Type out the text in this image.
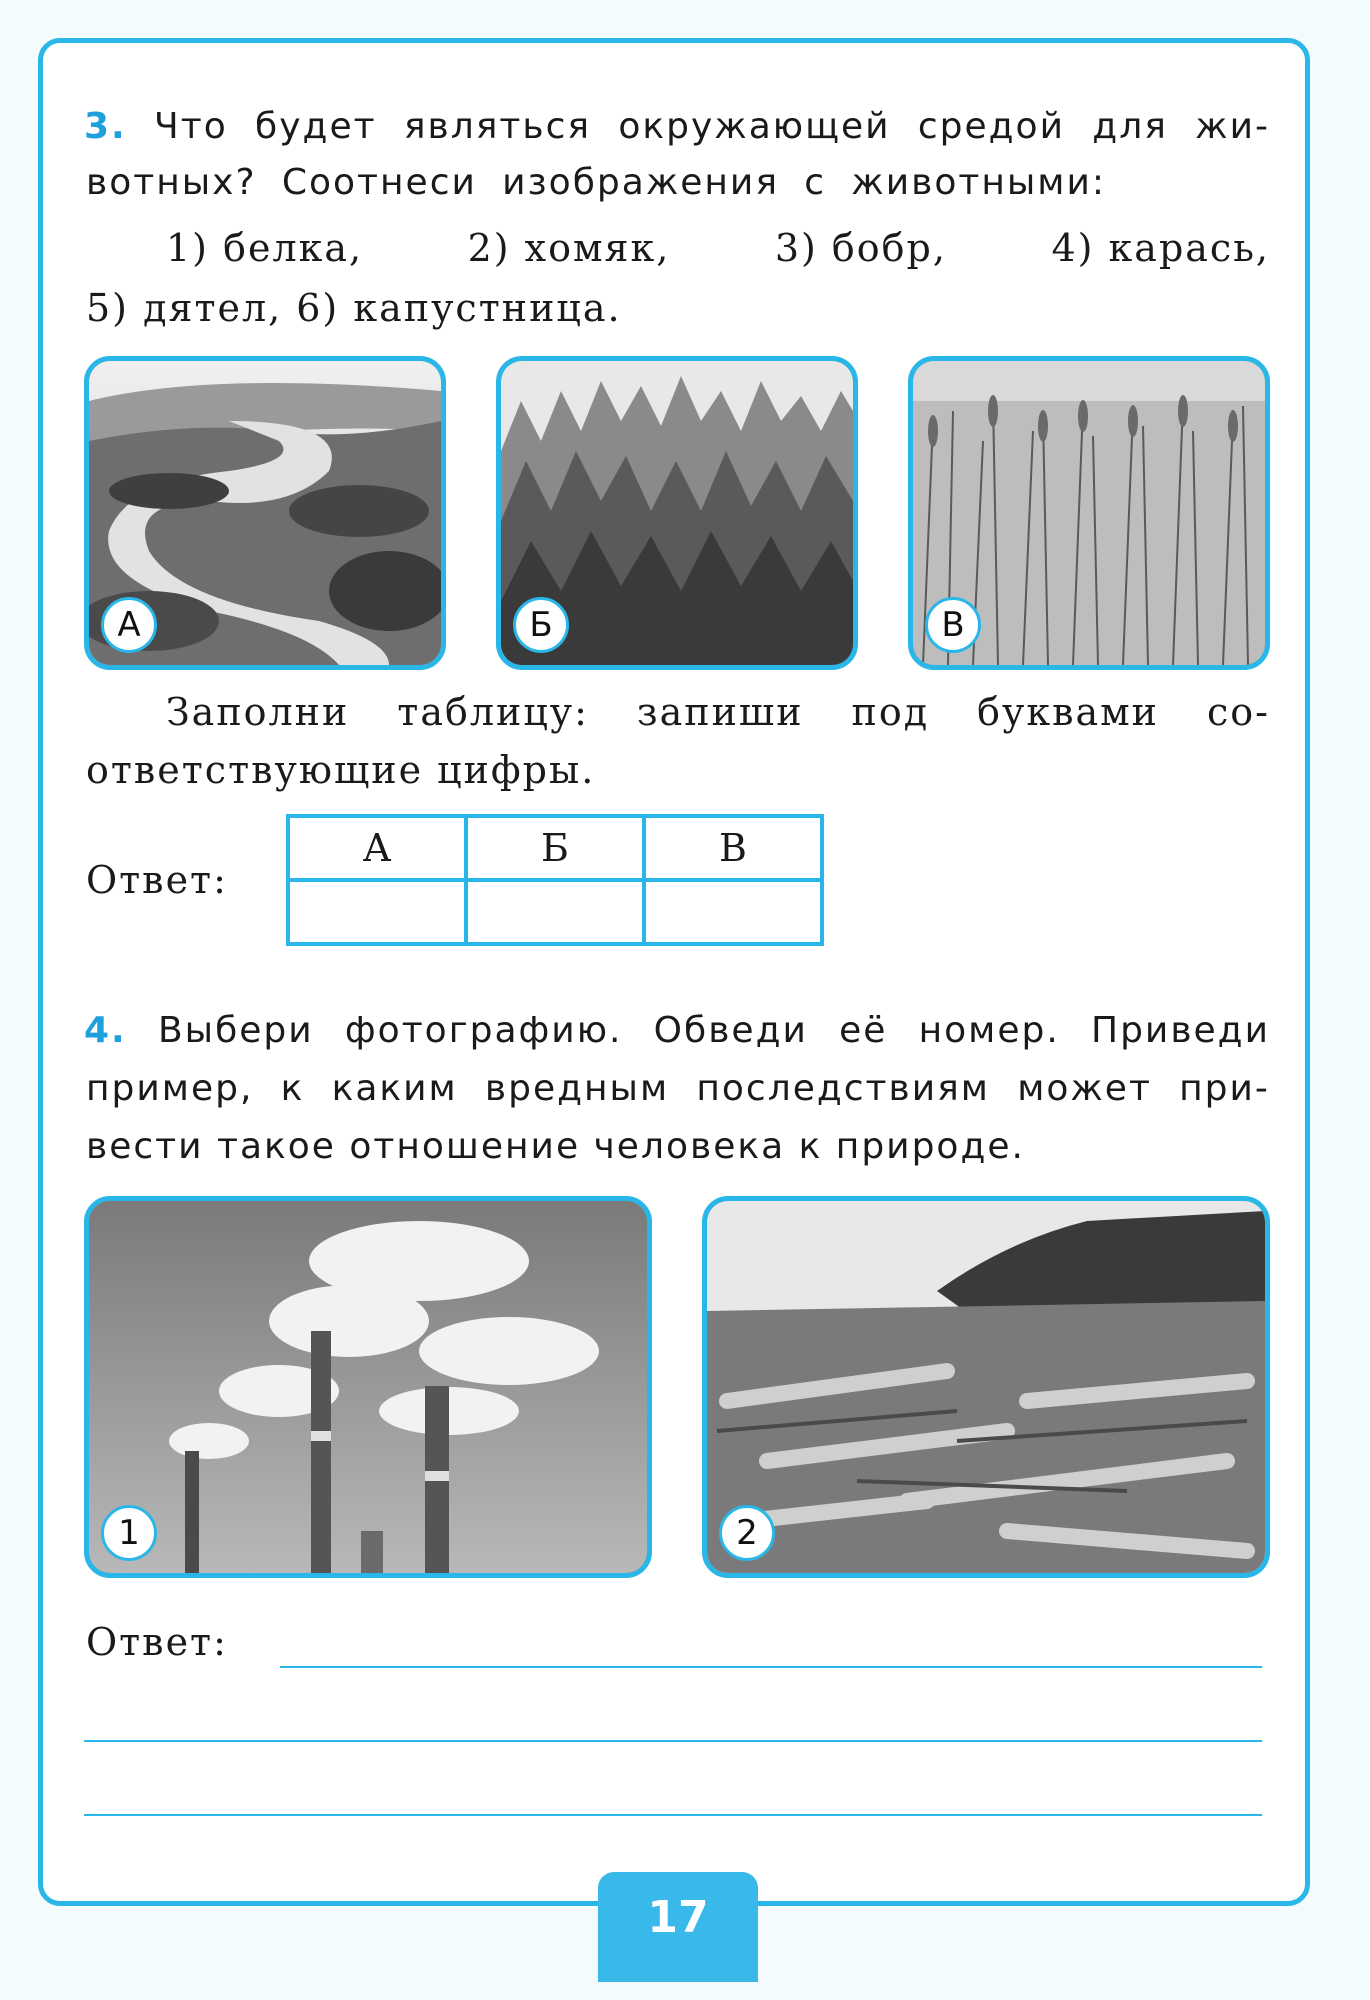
3. Что будет являться окружающей средой для жи-
вотных? Соотнеси изображения с животными:
1) белка,	2) хомяк,	3) бобр,	4) карась,
5) дятел, 6) капустница.
А	Б	В
Заполни таблицу: запиши под буквами со-
ответствующие цифры.
Ответ:
А	Б	В

4. Выбери фотографию. Обведи её номер. Приведи
пример, к каким вредным последствиям может при-
вести такое отношение человека к природе.
1	2
Ответ:
17
